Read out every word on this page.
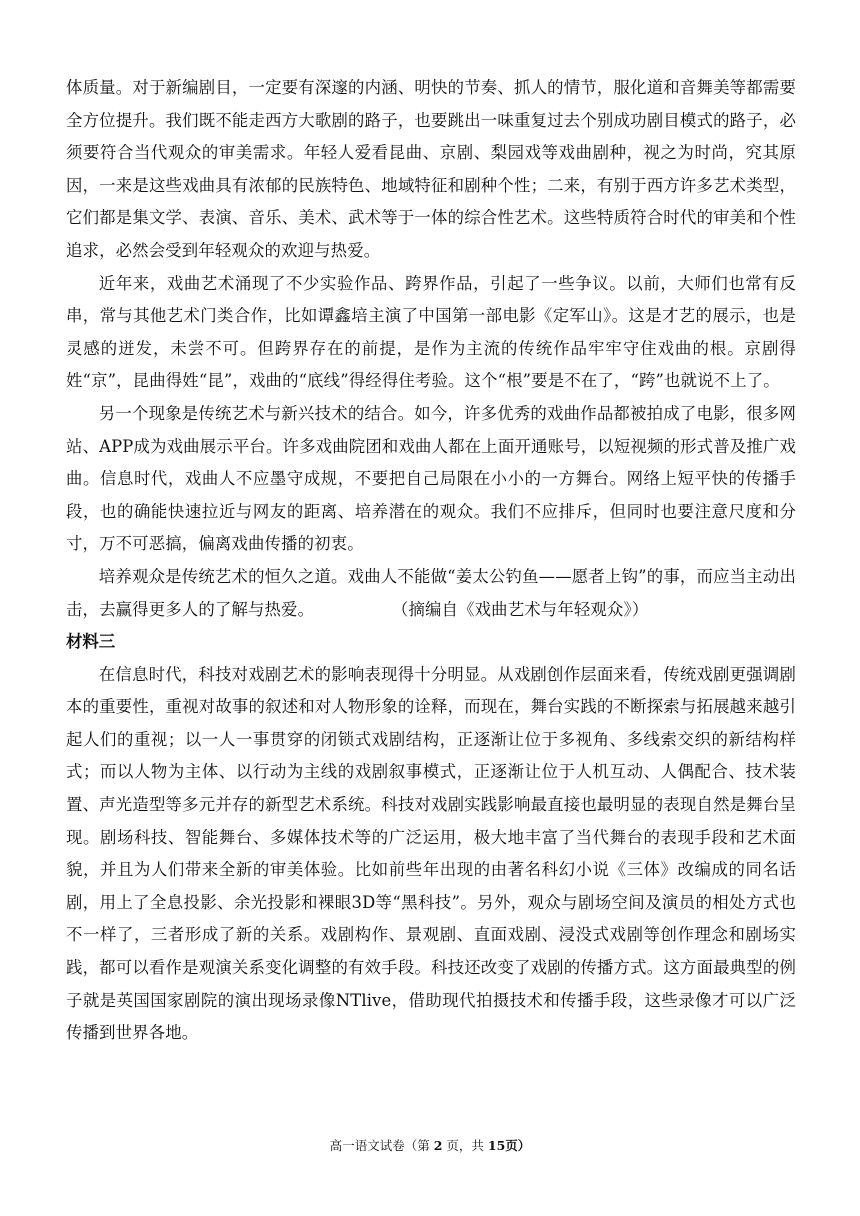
体质量。对于新编剧目，一定要有深邃的内涵、明快的节奏、抓人的情节，服化道和音舞美等都需要全方位提升。我们既不能走西方大歌剧的路子，也要跳出一味重复过去个别成功剧目模式的路子，必须要符合当代观众的审美需求。年轻人爱看昆曲、京剧、梨园戏等戏曲剧种，视之为时尚，究其原因，一来是这些戏曲具有浓郁的民族特色、地域特征和剧种个性；二来，有别于西方许多艺术类型，它们都是集文学、表演、音乐、美术、武术等于一体的综合性艺术。这些特质符合时代的审美和个性追求，必然会受到年轻观众的欢迎与热爱。

近年来，戏曲艺术涌现了不少实验作品、跨界作品，引起了一些争议。以前，大师们也常有反串，常与其他艺术门类合作，比如谭鑫培主演了中国第一部电影《定军山》。这是才艺的展示，也是灵感的迸发，未尝不可。但跨界存在的前提，是作为主流的传统作品牢牢守住戏曲的根。京剧得姓“京”，昆曲得姓“昆”，戏曲的“底线”得经得住考验。这个“根”要是不在了，“跨”也就说不上了。

另一个现象是传统艺术与新兴技术的结合。如今，许多优秀的戏曲作品都被拍成了电影，很多网站、APP成为戏曲展示平台。许多戏曲院团和戏曲人都在上面开通账号，以短视频的形式普及推广戏曲。信息时代，戏曲人不应墨守成规，不要把自己局限在小小的一方舞台。网络上短平快的传播手段，也的确能快速拉近与网友的距离、培养潜在的观众。我们不应排斥，但同时也要注意尺度和分寸，万不可恶搞，偏离戏曲传播的初衷。

培养观众是传统艺术的恒久之道。戏曲人不能做“姜太公钓鱼——愿者上钩”的事，而应当主动出击，去赢得更多人的了解与热爱。	（摘编自《戏曲艺术与年轻观众》）

材料三

在信息时代，科技对戏剧艺术的影响表现得十分明显。从戏剧创作层面来看，传统戏剧更强调剧本的重要性，重视对故事的叙述和对人物形象的诠释，而现在，舞台实践的不断探索与拓展越来越引起人们的重视；以一人一事贯穿的闭锁式戏剧结构，正逐渐让位于多视角、多线索交织的新结构样式；而以人物为主体、以行动为主线的戏剧叙事模式，正逐渐让位于人机互动、人偶配合、技术装置、声光造型等多元并存的新型艺术系统。科技对戏剧实践影响最直接也最明显的表现自然是舞台呈现。剧场科技、智能舞台、多媒体技术等的广泛运用，极大地丰富了当代舞台的表现手段和艺术面貌，并且为人们带来全新的审美体验。比如前些年出现的由著名科幻小说《三体》改编成的同名话剧，用上了全息投影、余光投影和裸眼3D等“黑科技”。另外，观众与剧场空间及演员的相处方式也不一样了，三者形成了新的关系。戏剧构作、景观剧、直面戏剧、浸没式戏剧等创作理念和剧场实践，都可以看作是观演关系变化调整的有效手段。科技还改变了戏剧的传播方式。这方面最典型的例子就是英国国家剧院的演出现场录像NTlive，借助现代拍摄技术和传播手段，这些录像才可以广泛传播到世界各地。

高一语文试卷（第 2 页，共 15页）
